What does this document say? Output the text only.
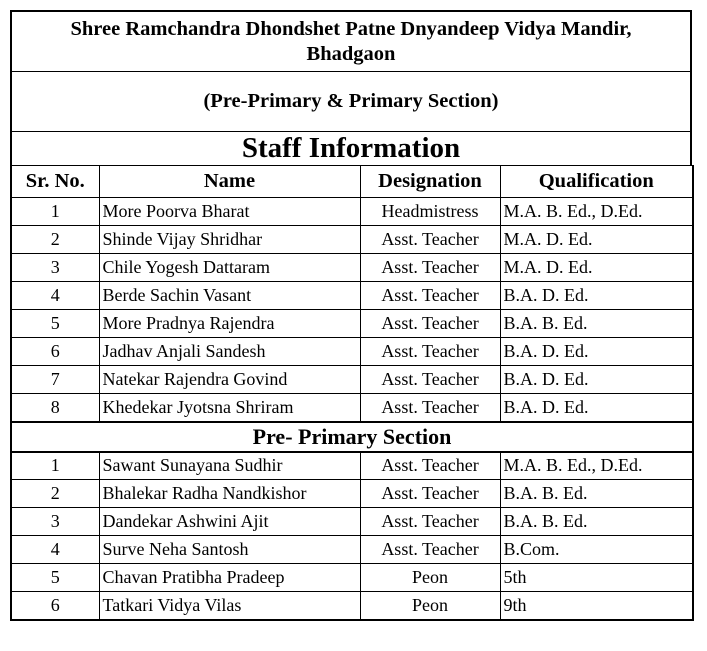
Shree Ramchandra Dhondshet Patne Dnyandeep Vidya Mandir,
Bhadgaon
(Pre-Primary & Primary Section)
Staff Information
Sr. No.	Name	Designation	Qualification
1	More Poorva Bharat	Headmistress	M.A. B. Ed., D.Ed.
2	Shinde Vijay Shridhar	Asst. Teacher	M.A. D. Ed.
3	Chile Yogesh Dattaram	Asst. Teacher	M.A. D. Ed.
4	Berde Sachin Vasant	Asst. Teacher	B.A. D. Ed.
5	More Pradnya Rajendra	Asst. Teacher	B.A. B. Ed.
6	Jadhav Anjali Sandesh	Asst. Teacher	B.A. D. Ed.
7	Natekar Rajendra Govind	Asst. Teacher	B.A. D. Ed.
8	Khedekar Jyotsna Shriram	Asst. Teacher	B.A. D. Ed.
Pre- Primary Section			
1	Sawant Sunayana Sudhir	Asst. Teacher	M.A. B. Ed., D.Ed.
2	Bhalekar Radha Nandkishor	Asst. Teacher	B.A. B. Ed.
3	Dandekar Ashwini Ajit	Asst. Teacher	B.A. B. Ed.
4	Surve Neha Santosh	Asst. Teacher	B.Com.
5	Chavan Pratibha Pradeep	Peon	5th
6	Tatkari Vidya Vilas	Peon	9th
